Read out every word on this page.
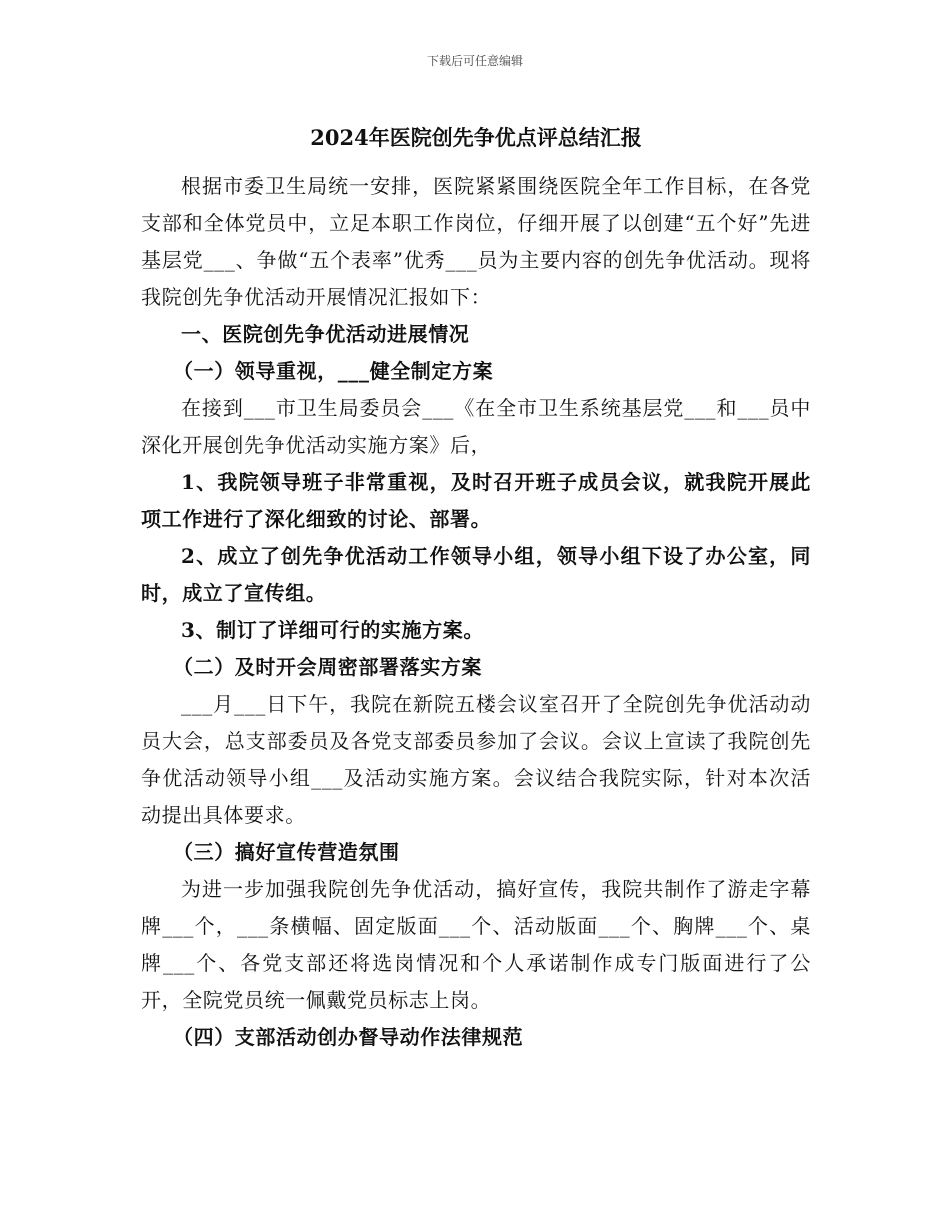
下载后可任意编辑
2024年医院创先争优点评总结汇报

根据市委卫生局统一安排，医院紧紧围绕医院全年工作目标，在各党支部和全体党员中，立足本职工作岗位，仔细开展了以创建“五个好”先进基层党___、争做“五个表率”优秀___员为主要内容的创先争优活动。现将我院创先争优活动开展情况汇报如下：

一、医院创先争优活动进展情况

（一）领导重视，___健全制定方案

在接到___市卫生局委员会___《在全市卫生系统基层党___和___员中深化开展创先争优活动实施方案》后，

1、我院领导班子非常重视，及时召开班子成员会议，就我院开展此项工作进行了深化细致的讨论、部署。

2、成立了创先争优活动工作领导小组，领导小组下设了办公室，同时，成立了宣传组。

3、制订了详细可行的实施方案。

（二）及时开会周密部署落实方案

___月___日下午，我院在新院五楼会议室召开了全院创先争优活动动员大会，总支部委员及各党支部委员参加了会议。会议上宣读了我院创先争优活动领导小组___及活动实施方案。会议结合我院实际，针对本次活动提出具体要求。

（三）搞好宣传营造氛围

为进一步加强我院创先争优活动，搞好宣传，我院共制作了游走字幕牌___个，___条横幅、固定版面___个、活动版面___个、胸牌___个、桌牌___个、各党支部还将选岗情况和个人承诺制作成专门版面进行了公开，全院党员统一佩戴党员标志上岗。

（四）支部活动创办督导动作法律规范
